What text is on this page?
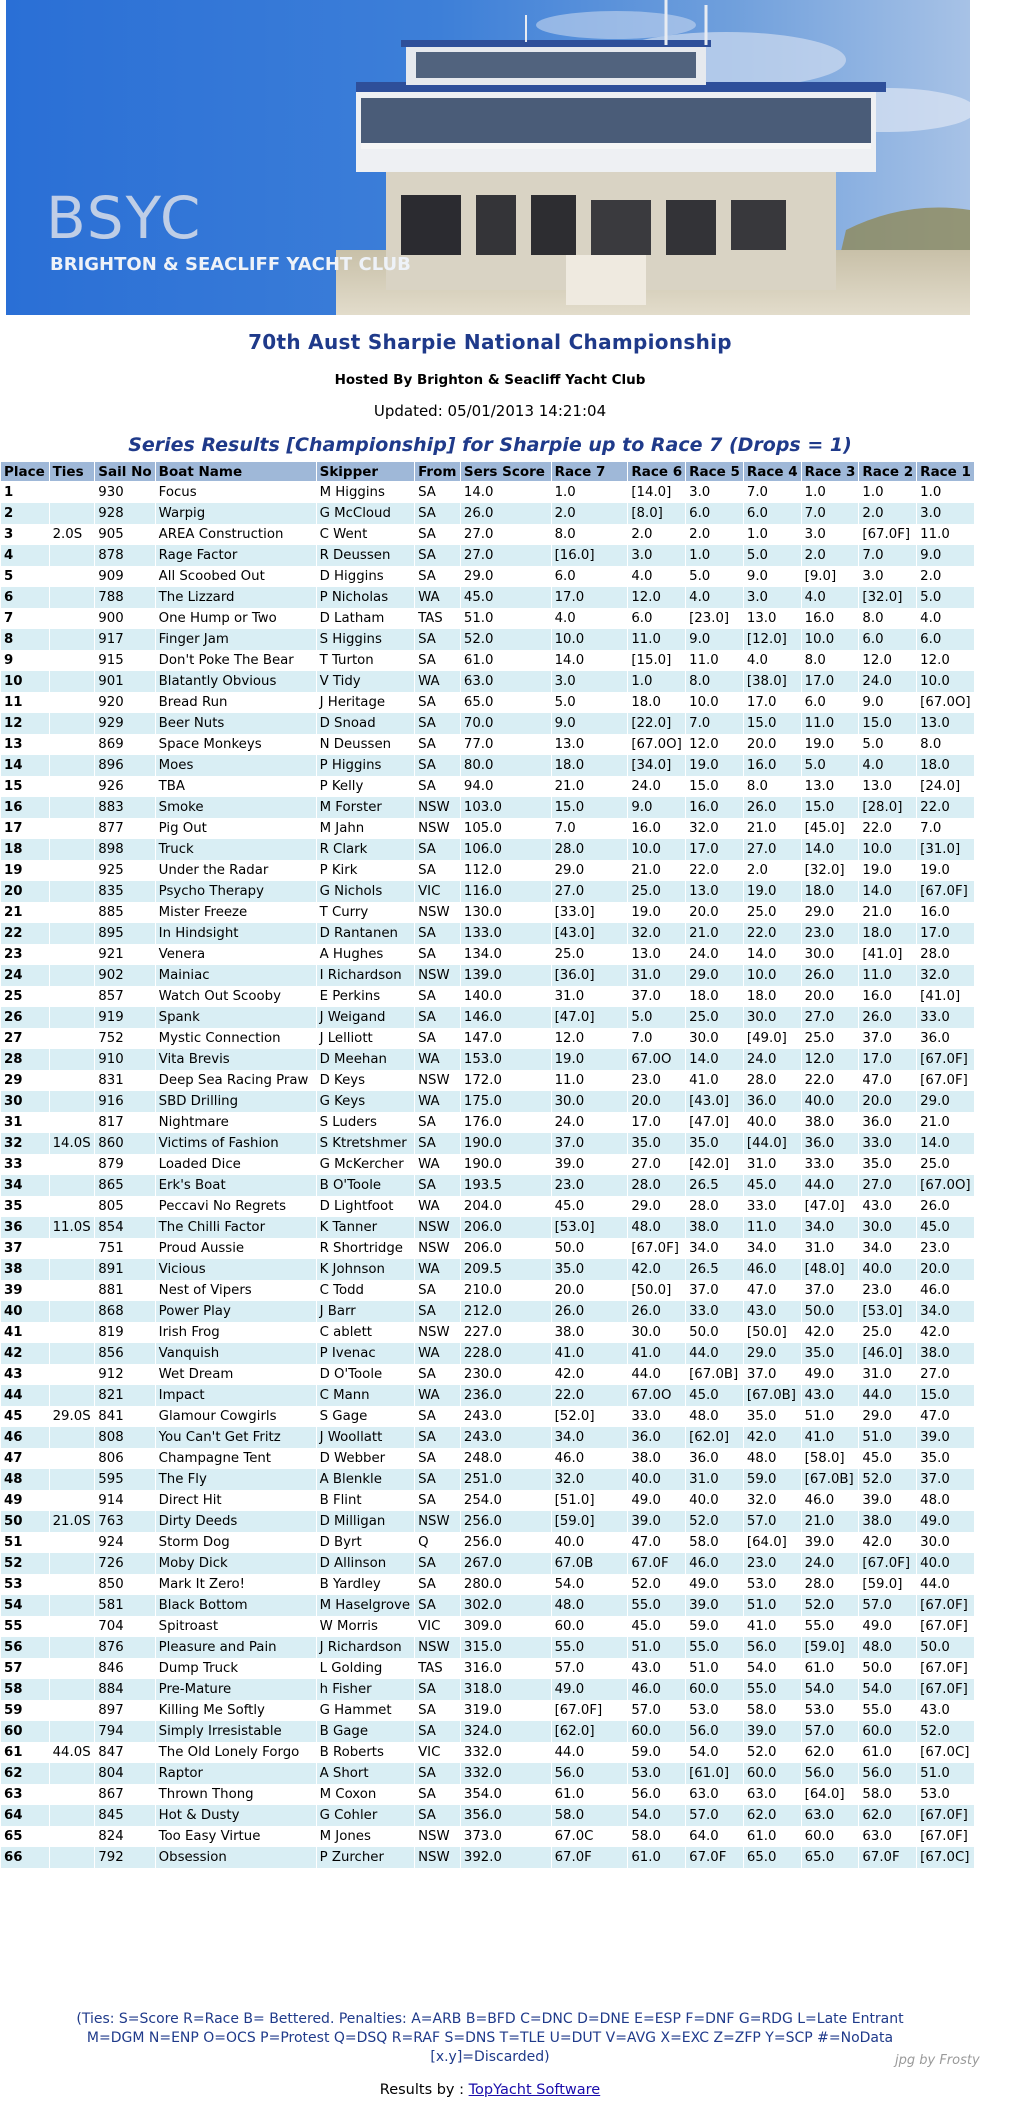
BSYC
BRIGHTON & SEACLIFF YACHT CLUB
70th Aust Sharpie National Championship
Hosted By Brighton & Seacliff Yacht Club
Updated: 05/01/2013 14:21:04
Series Results [Championship] for Sharpie up to Race 7 (Drops = 1)
Place	Ties	Sail No	Boat Name	Skipper	From	Sers Score	Race 7	Race 6	Race 5	Race 4	Race 3	Race 2	Race 1
1		930	Focus	M Higgins	SA	14.0	1.0	[14.0]	3.0	7.0	1.0	1.0	1.0
2		928	Warpig	G McCloud	SA	26.0	2.0	[8.0]	6.0	6.0	7.0	2.0	3.0
3	2.0S	905	AREA Construction	C Went	SA	27.0	8.0	2.0	2.0	1.0	3.0	[67.0F]	11.0
4		878	Rage Factor	R Deussen	SA	27.0	[16.0]	3.0	1.0	5.0	2.0	7.0	9.0
5		909	All Scoobed Out	D Higgins	SA	29.0	6.0	4.0	5.0	9.0	[9.0]	3.0	2.0
6		788	The Lizzard	P Nicholas	WA	45.0	17.0	12.0	4.0	3.0	4.0	[32.0]	5.0
7		900	One Hump or Two	D Latham	TAS	51.0	4.0	6.0	[23.0]	13.0	16.0	8.0	4.0
8		917	Finger Jam	S Higgins	SA	52.0	10.0	11.0	9.0	[12.0]	10.0	6.0	6.0
9		915	Don't Poke The Bear	T Turton	SA	61.0	14.0	[15.0]	11.0	4.0	8.0	12.0	12.0
10		901	Blatantly Obvious	V Tidy	WA	63.0	3.0	1.0	8.0	[38.0]	17.0	24.0	10.0
11		920	Bread Run	J Heritage	SA	65.0	5.0	18.0	10.0	17.0	6.0	9.0	[67.0O]
12		929	Beer Nuts	D Snoad	SA	70.0	9.0	[22.0]	7.0	15.0	11.0	15.0	13.0
13		869	Space Monkeys	N Deussen	SA	77.0	13.0	[67.0O]	12.0	20.0	19.0	5.0	8.0
14		896	Moes	P Higgins	SA	80.0	18.0	[34.0]	19.0	16.0	5.0	4.0	18.0
15		926	TBA	P Kelly	SA	94.0	21.0	24.0	15.0	8.0	13.0	13.0	[24.0]
16		883	Smoke	M Forster	NSW	103.0	15.0	9.0	16.0	26.0	15.0	[28.0]	22.0
17		877	Pig Out	M Jahn	NSW	105.0	7.0	16.0	32.0	21.0	[45.0]	22.0	7.0
18		898	Truck	R Clark	SA	106.0	28.0	10.0	17.0	27.0	14.0	10.0	[31.0]
19		925	Under the Radar	P Kirk	SA	112.0	29.0	21.0	22.0	2.0	[32.0]	19.0	19.0
20		835	Psycho Therapy	G Nichols	VIC	116.0	27.0	25.0	13.0	19.0	18.0	14.0	[67.0F]
21		885	Mister Freeze	T Curry	NSW	130.0	[33.0]	19.0	20.0	25.0	29.0	21.0	16.0
22		895	In Hindsight	D Rantanen	SA	133.0	[43.0]	32.0	21.0	22.0	23.0	18.0	17.0
23		921	Venera	A Hughes	SA	134.0	25.0	13.0	24.0	14.0	30.0	[41.0]	28.0
24		902	Mainiac	I Richardson	NSW	139.0	[36.0]	31.0	29.0	10.0	26.0	11.0	32.0
25		857	Watch Out Scooby	E Perkins	SA	140.0	31.0	37.0	18.0	18.0	20.0	16.0	[41.0]
26		919	Spank	J Weigand	SA	146.0	[47.0]	5.0	25.0	30.0	27.0	26.0	33.0
27		752	Mystic Connection	J Lelliott	SA	147.0	12.0	7.0	30.0	[49.0]	25.0	37.0	36.0
28		910	Vita Brevis	D Meehan	WA	153.0	19.0	67.0O	14.0	24.0	12.0	17.0	[67.0F]
29		831	Deep Sea Racing Praw	D Keys	NSW	172.0	11.0	23.0	41.0	28.0	22.0	47.0	[67.0F]
30		916	SBD Drilling	G Keys	WA	175.0	30.0	20.0	[43.0]	36.0	40.0	20.0	29.0
31		817	Nightmare	S Luders	SA	176.0	24.0	17.0	[47.0]	40.0	38.0	36.0	21.0
32	14.0S	860	Victims of Fashion	S Ktretshmer	SA	190.0	37.0	35.0	35.0	[44.0]	36.0	33.0	14.0
33		879	Loaded Dice	G McKercher	WA	190.0	39.0	27.0	[42.0]	31.0	33.0	35.0	25.0
34		865	Erk's Boat	B O'Toole	SA	193.5	23.0	28.0	26.5	45.0	44.0	27.0	[67.0O]
35		805	Peccavi No Regrets	D Lightfoot	WA	204.0	45.0	29.0	28.0	33.0	[47.0]	43.0	26.0
36	11.0S	854	The Chilli Factor	K Tanner	NSW	206.0	[53.0]	48.0	38.0	11.0	34.0	30.0	45.0
37		751	Proud Aussie	R Shortridge	NSW	206.0	50.0	[67.0F]	34.0	34.0	31.0	34.0	23.0
38		891	Vicious	K Johnson	WA	209.5	35.0	42.0	26.5	46.0	[48.0]	40.0	20.0
39		881	Nest of Vipers	C Todd	SA	210.0	20.0	[50.0]	37.0	47.0	37.0	23.0	46.0
40		868	Power Play	J Barr	SA	212.0	26.0	26.0	33.0	43.0	50.0	[53.0]	34.0
41		819	Irish Frog	C ablett	NSW	227.0	38.0	30.0	50.0	[50.0]	42.0	25.0	42.0
42		856	Vanquish	P Ivenac	WA	228.0	41.0	41.0	44.0	29.0	35.0	[46.0]	38.0
43		912	Wet Dream	D O'Toole	SA	230.0	42.0	44.0	[67.0B]	37.0	49.0	31.0	27.0
44		821	Impact	C Mann	WA	236.0	22.0	67.0O	45.0	[67.0B]	43.0	44.0	15.0
45	29.0S	841	Glamour Cowgirls	S Gage	SA	243.0	[52.0]	33.0	48.0	35.0	51.0	29.0	47.0
46		808	You Can't Get Fritz	J Woollatt	SA	243.0	34.0	36.0	[62.0]	42.0	41.0	51.0	39.0
47		806	Champagne Tent	D Webber	SA	248.0	46.0	38.0	36.0	48.0	[58.0]	45.0	35.0
48		595	The Fly	A Blenkle	SA	251.0	32.0	40.0	31.0	59.0	[67.0B]	52.0	37.0
49		914	Direct Hit	B Flint	SA	254.0	[51.0]	49.0	40.0	32.0	46.0	39.0	48.0
50	21.0S	763	Dirty Deeds	D Milligan	NSW	256.0	[59.0]	39.0	52.0	57.0	21.0	38.0	49.0
51		924	Storm Dog	D Byrt	Q	256.0	40.0	47.0	58.0	[64.0]	39.0	42.0	30.0
52		726	Moby Dick	D Allinson	SA	267.0	67.0B	67.0F	46.0	23.0	24.0	[67.0F]	40.0
53		850	Mark It Zero!	B Yardley	SA	280.0	54.0	52.0	49.0	53.0	28.0	[59.0]	44.0
54		581	Black Bottom	M Haselgrove	SA	302.0	48.0	55.0	39.0	51.0	52.0	57.0	[67.0F]
55		704	Spitroast	W Morris	VIC	309.0	60.0	45.0	59.0	41.0	55.0	49.0	[67.0F]
56		876	Pleasure and Pain	J Richardson	NSW	315.0	55.0	51.0	55.0	56.0	[59.0]	48.0	50.0
57		846	Dump Truck	L Golding	TAS	316.0	57.0	43.0	51.0	54.0	61.0	50.0	[67.0F]
58		884	Pre-Mature	h Fisher	SA	318.0	49.0	46.0	60.0	55.0	54.0	54.0	[67.0F]
59		897	Killing Me Softly	G Hammet	SA	319.0	[67.0F]	57.0	53.0	58.0	53.0	55.0	43.0
60		794	Simply Irresistable	B Gage	SA	324.0	[62.0]	60.0	56.0	39.0	57.0	60.0	52.0
61	44.0S	847	The Old Lonely Forgo	B Roberts	VIC	332.0	44.0	59.0	54.0	52.0	62.0	61.0	[67.0C]
62		804	Raptor	A Short	SA	332.0	56.0	53.0	[61.0]	60.0	56.0	56.0	51.0
63		867	Thrown Thong	M Coxon	SA	354.0	61.0	56.0	63.0	63.0	[64.0]	58.0	53.0
64		845	Hot & Dusty	G Cohler	SA	356.0	58.0	54.0	57.0	62.0	63.0	62.0	[67.0F]
65		824	Too Easy Virtue	M Jones	NSW	373.0	67.0C	58.0	64.0	61.0	60.0	63.0	[67.0F]
66		792	Obsession	P Zurcher	NSW	392.0	67.0F	61.0	67.0F	65.0	65.0	67.0F	[67.0C]
(Ties: S=Score R=Race B= Bettered. Penalties: A=ARB B=BFD C=DNC D=DNE E=ESP F=DNF G=RDG L=Late Entrant
M=DGM N=ENP O=OCS P=Protest Q=DSQ R=RAF S=DNS T=TLE U=DUT V=AVG X=EXC Z=ZFP Y=SCP #=NoData
[x.y]=Discarded)	jpg by Frosty
Results by : TopYacht Software
